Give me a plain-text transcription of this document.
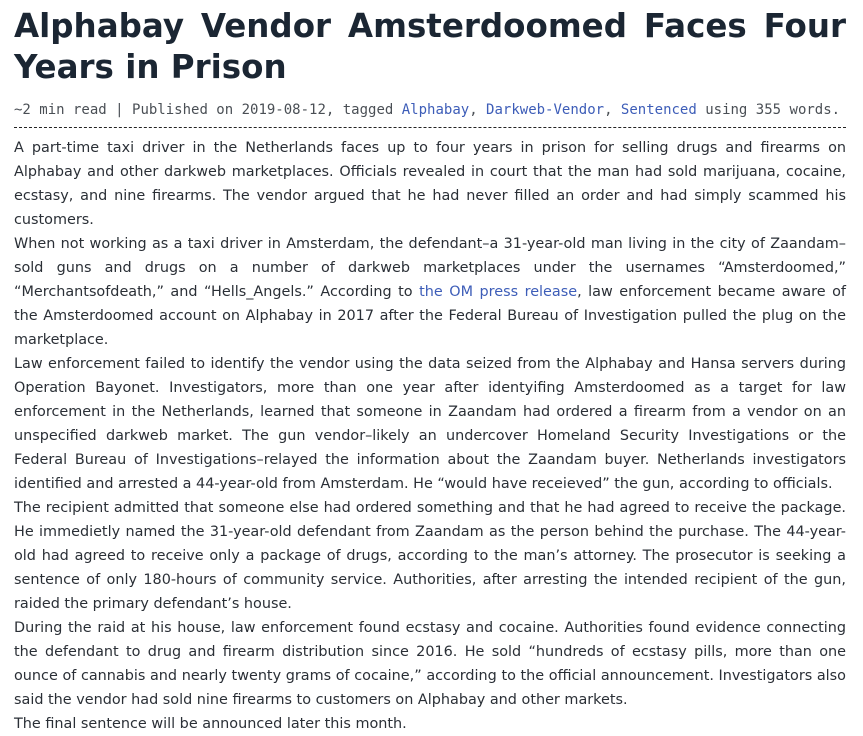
Alphabay Vendor Amsterdoomed Faces Four Years in Prison
~2 min read | Published on 2019-08-12, tagged Alphabay, Darkweb-Vendor, Sentenced using 355 words.

A part-time taxi driver in the Netherlands faces up to four years in prison for selling drugs and firearms on Alphabay and other darkweb marketplaces. Officials revealed in court that the man had sold marijuana, cocaine, ecstasy, and nine firearms. The vendor argued that he had never filled an order and had simply scammed his customers.

When not working as a taxi driver in Amsterdam, the defendant–a 31-year-old man living in the city of Zaandam–sold guns and drugs on a number of darkweb marketplaces under the usernames “Amsterdoomed,” “Merchantsofdeath,” and “Hells_Angels.” According to the OM press release, law enforcement became aware of the Amsterdoomed account on Alphabay in 2017 after the Federal Bureau of Investigation pulled the plug on the marketplace.

Law enforcement failed to identify the vendor using the data seized from the Alphabay and Hansa servers during Operation Bayonet. Investigators, more than one year after identyifing Amsterdoomed as a target for law enforcement in the Netherlands, learned that someone in Zaandam had ordered a firearm from a vendor on an unspecified darkweb market. The gun vendor–likely an undercover Homeland Security Investigations or the Federal Bureau of Investigations–relayed the information about the Zaandam buyer. Netherlands investigators identified and arrested a 44-year-old from Amsterdam. He “would have receieved” the gun, according to officials.

The recipient admitted that someone else had ordered something and that he had agreed to receive the package. He immedietly named the 31-year-old defendant from Zaandam as the person behind the purchase. The 44-year-old had agreed to receive only a package of drugs, according to the man’s attorney. The prosecutor is seeking a sentence of only 180-hours of community service. Authorities, after arresting the intended recipient of the gun, raided the primary defendant’s house.

During the raid at his house, law enforcement found ecstasy and cocaine. Authorities found evidence connecting the defendant to drug and firearm distribution since 2016. He sold “hundreds of ecstasy pills, more than one ounce of cannabis and nearly twenty grams of cocaine,” according to the official announcement. Investigators also said the vendor had sold nine firearms to customers on Alphabay and other markets.

The final sentence will be announced later this month.
